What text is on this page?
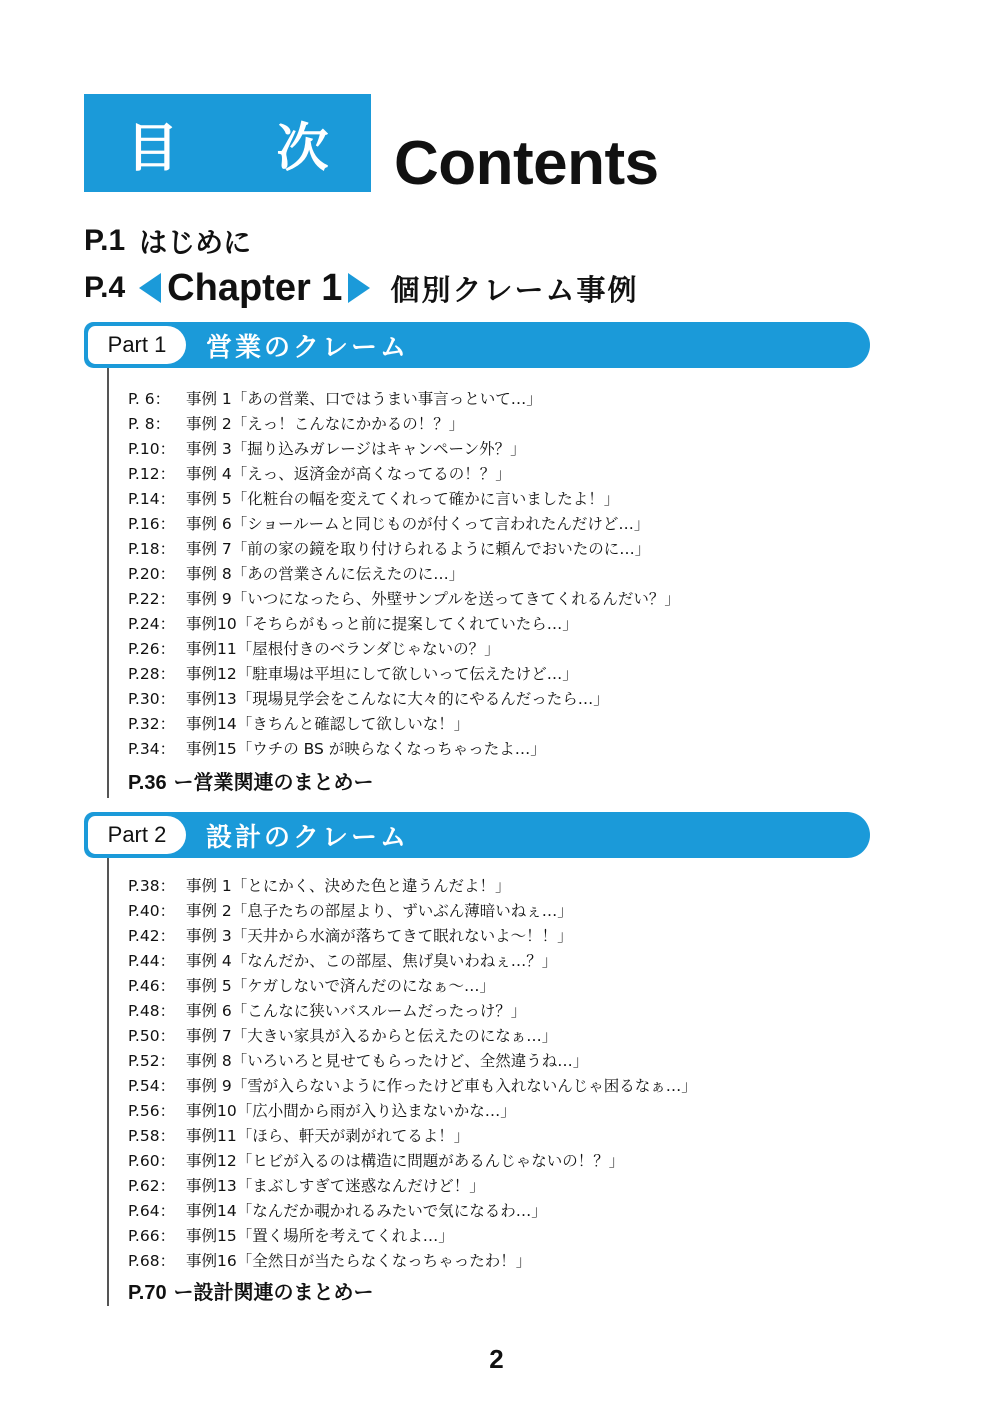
目 次 Contents
P.1 はじめに
P.4 Chapter 1 個別クレーム事例
Part 1	営業のクレーム
P. 6： 事例 1「あの営業、口ではうまい事言っといて…」
P. 8： 事例 2「えっ！こんなにかかるの！？」
P.10： 事例 3「掘り込みガレージはキャンペーン外？」
P.12： 事例 4「えっ、返済金が高くなってるの！？」
P.14： 事例 5「化粧台の幅を変えてくれって確かに言いましたよ！」
P.16： 事例 6「ショールームと同じものが付くって言われたんだけど…」
P.18： 事例 7「前の家の鏡を取り付けられるように頼んでおいたのに…」
P.20： 事例 8「あの営業さんに伝えたのに…」
P.22： 事例 9「いつになったら、外壁サンプルを送ってきてくれるんだい？」
P.24： 事例10「そちらがもっと前に提案してくれていたら…」
P.26： 事例11「屋根付きのベランダじゃないの？」
P.28： 事例12「駐車場は平坦にして欲しいって伝えたけど…」
P.30： 事例13「現場見学会をこんなに大々的にやるんだったら…」
P.32： 事例14「きちんと確認して欲しいな！」
P.34： 事例15「ウチの BS が映らなくなっちゃったよ…」
P.36 ー営業関連のまとめー
Part 2	設計のクレーム
P.38： 事例 1「とにかく、決めた色と違うんだよ！」
P.40： 事例 2「息子たちの部屋より、ずいぶん薄暗いねぇ…」
P.42： 事例 3「天井から水滴が落ちてきて眠れないよ〜！！」
P.44： 事例 4「なんだか、この部屋、焦げ臭いわねぇ…？」
P.46： 事例 5「ケガしないで済んだのになぁ〜…」
P.48： 事例 6「こんなに狭いバスルームだったっけ？」
P.50： 事例 7「大きい家具が入るからと伝えたのになぁ…」
P.52： 事例 8「いろいろと見せてもらったけど、全然違うね…」
P.54： 事例 9「雪が入らないように作ったけど車も入れないんじゃ困るなぁ…」
P.56： 事例10「広小間から雨が入り込まないかな…」
P.58： 事例11「ほら、軒天が剥がれてるよ！」
P.60： 事例12「ヒビが入るのは構造に問題があるんじゃないの！？」
P.62： 事例13「まぶしすぎて迷惑なんだけど！」
P.64： 事例14「なんだか覗かれるみたいで気になるわ…」
P.66： 事例15「置く場所を考えてくれよ…」
P.68： 事例16「全然日が当たらなくなっちゃったわ！」
P.70 ー設計関連のまとめー
2
